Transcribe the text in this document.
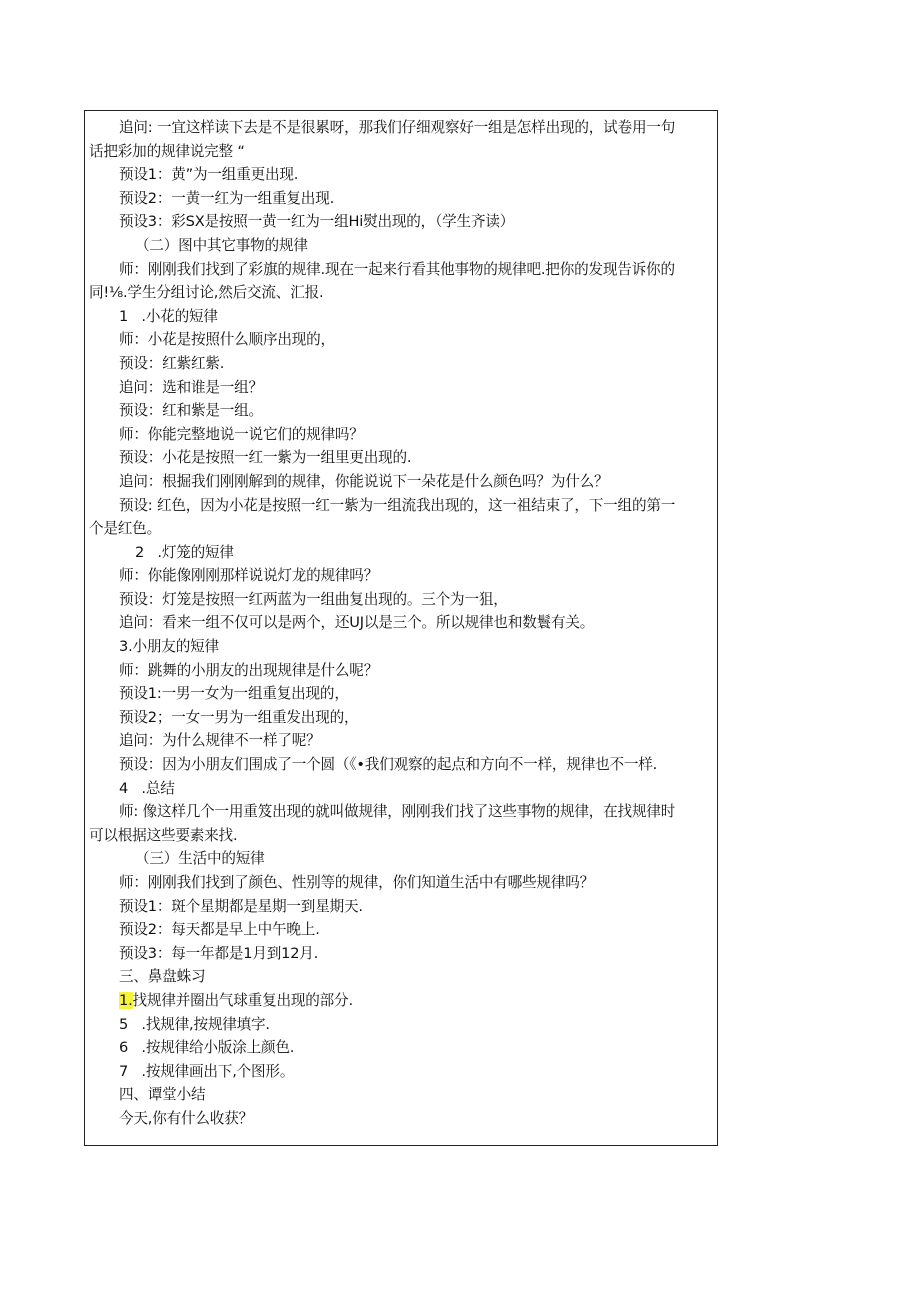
追问: 一宜这样读下去是不是很累呀，那我们仔细观察好一组是怎样出现的，试卷用一句
话把彩加的规律说完整 “
预设1：黄”为一组重更出现.
预设2：一黄一红为一组重复出现.
预设3：彩SX是按照一黄一红为一组Hi熨出现的，（学生齐读）
（二）图中其它事物的规律
师：刚刚我们找到了彩旗的规律.现在一起来行看其他事物的规律吧.把你的发现告诉你的
同!⅛.学生分组讨论,然后交流、汇报.
1   .小花的短律
师：小花是按照什么顺序出现的，
预设：红紫红紫.
追问：选和谁是一组？
预设：红和紫是一组。
师：你能完整地说一说它们的规律吗？
预设：小花是按照一红一紫为一组里更出现的.
追问：根掘我们刚刚解到的规律，你能说说下一朵花是什么颜色吗？为什么？
预设: 红色，因为小花是按照一红一紫为一组流我出现的，这一祖结束了，下一组的第一
个是红色。
2   .灯笼的短律
师：你能像刚刚那样说说灯龙的规律吗？
预设：灯笼是按照一红两蓝为一组曲复出现的。三个为一狙，
追问：看来一组不仅可以是两个，还UJ以是三个。所以规律也和数鬟有关。
3.小朋友的短律
师：跳舞的小朋友的出现规律是什么呢？
预设1:一男一女为一组重复出现的，
预设2；一女一男为一组重发出现的，
追问：为什么规律不一样了呢？
预设：因为小朋友们围成了一个圆（《•我们观察的起点和方向不一样，规律也不一样.
4   .总结
师: 像这样几个一用重笈出现的就叫做规律，刚刚我们找了这些事物的规律，在找规律时
可以根据这些要素来找.
（三）生活中的短律
师：刚刚我们找到了颜色、性别等的规律，你们知道生活中有哪些规律吗？
预设1：斑个星期都是星期一到星期天.
预设2：每天都是早上中午晚上.
预设3：每一年都是1月到12月.
三、鼻盘蛛习
1.找规律并圈出气球重复出现的部分.
5   .找规律,按规律填字.
6   .按规律给小版涂上颜色.
7   .按规律画出下,个图形。
四、谭堂小结
今天,你有什么收获？
